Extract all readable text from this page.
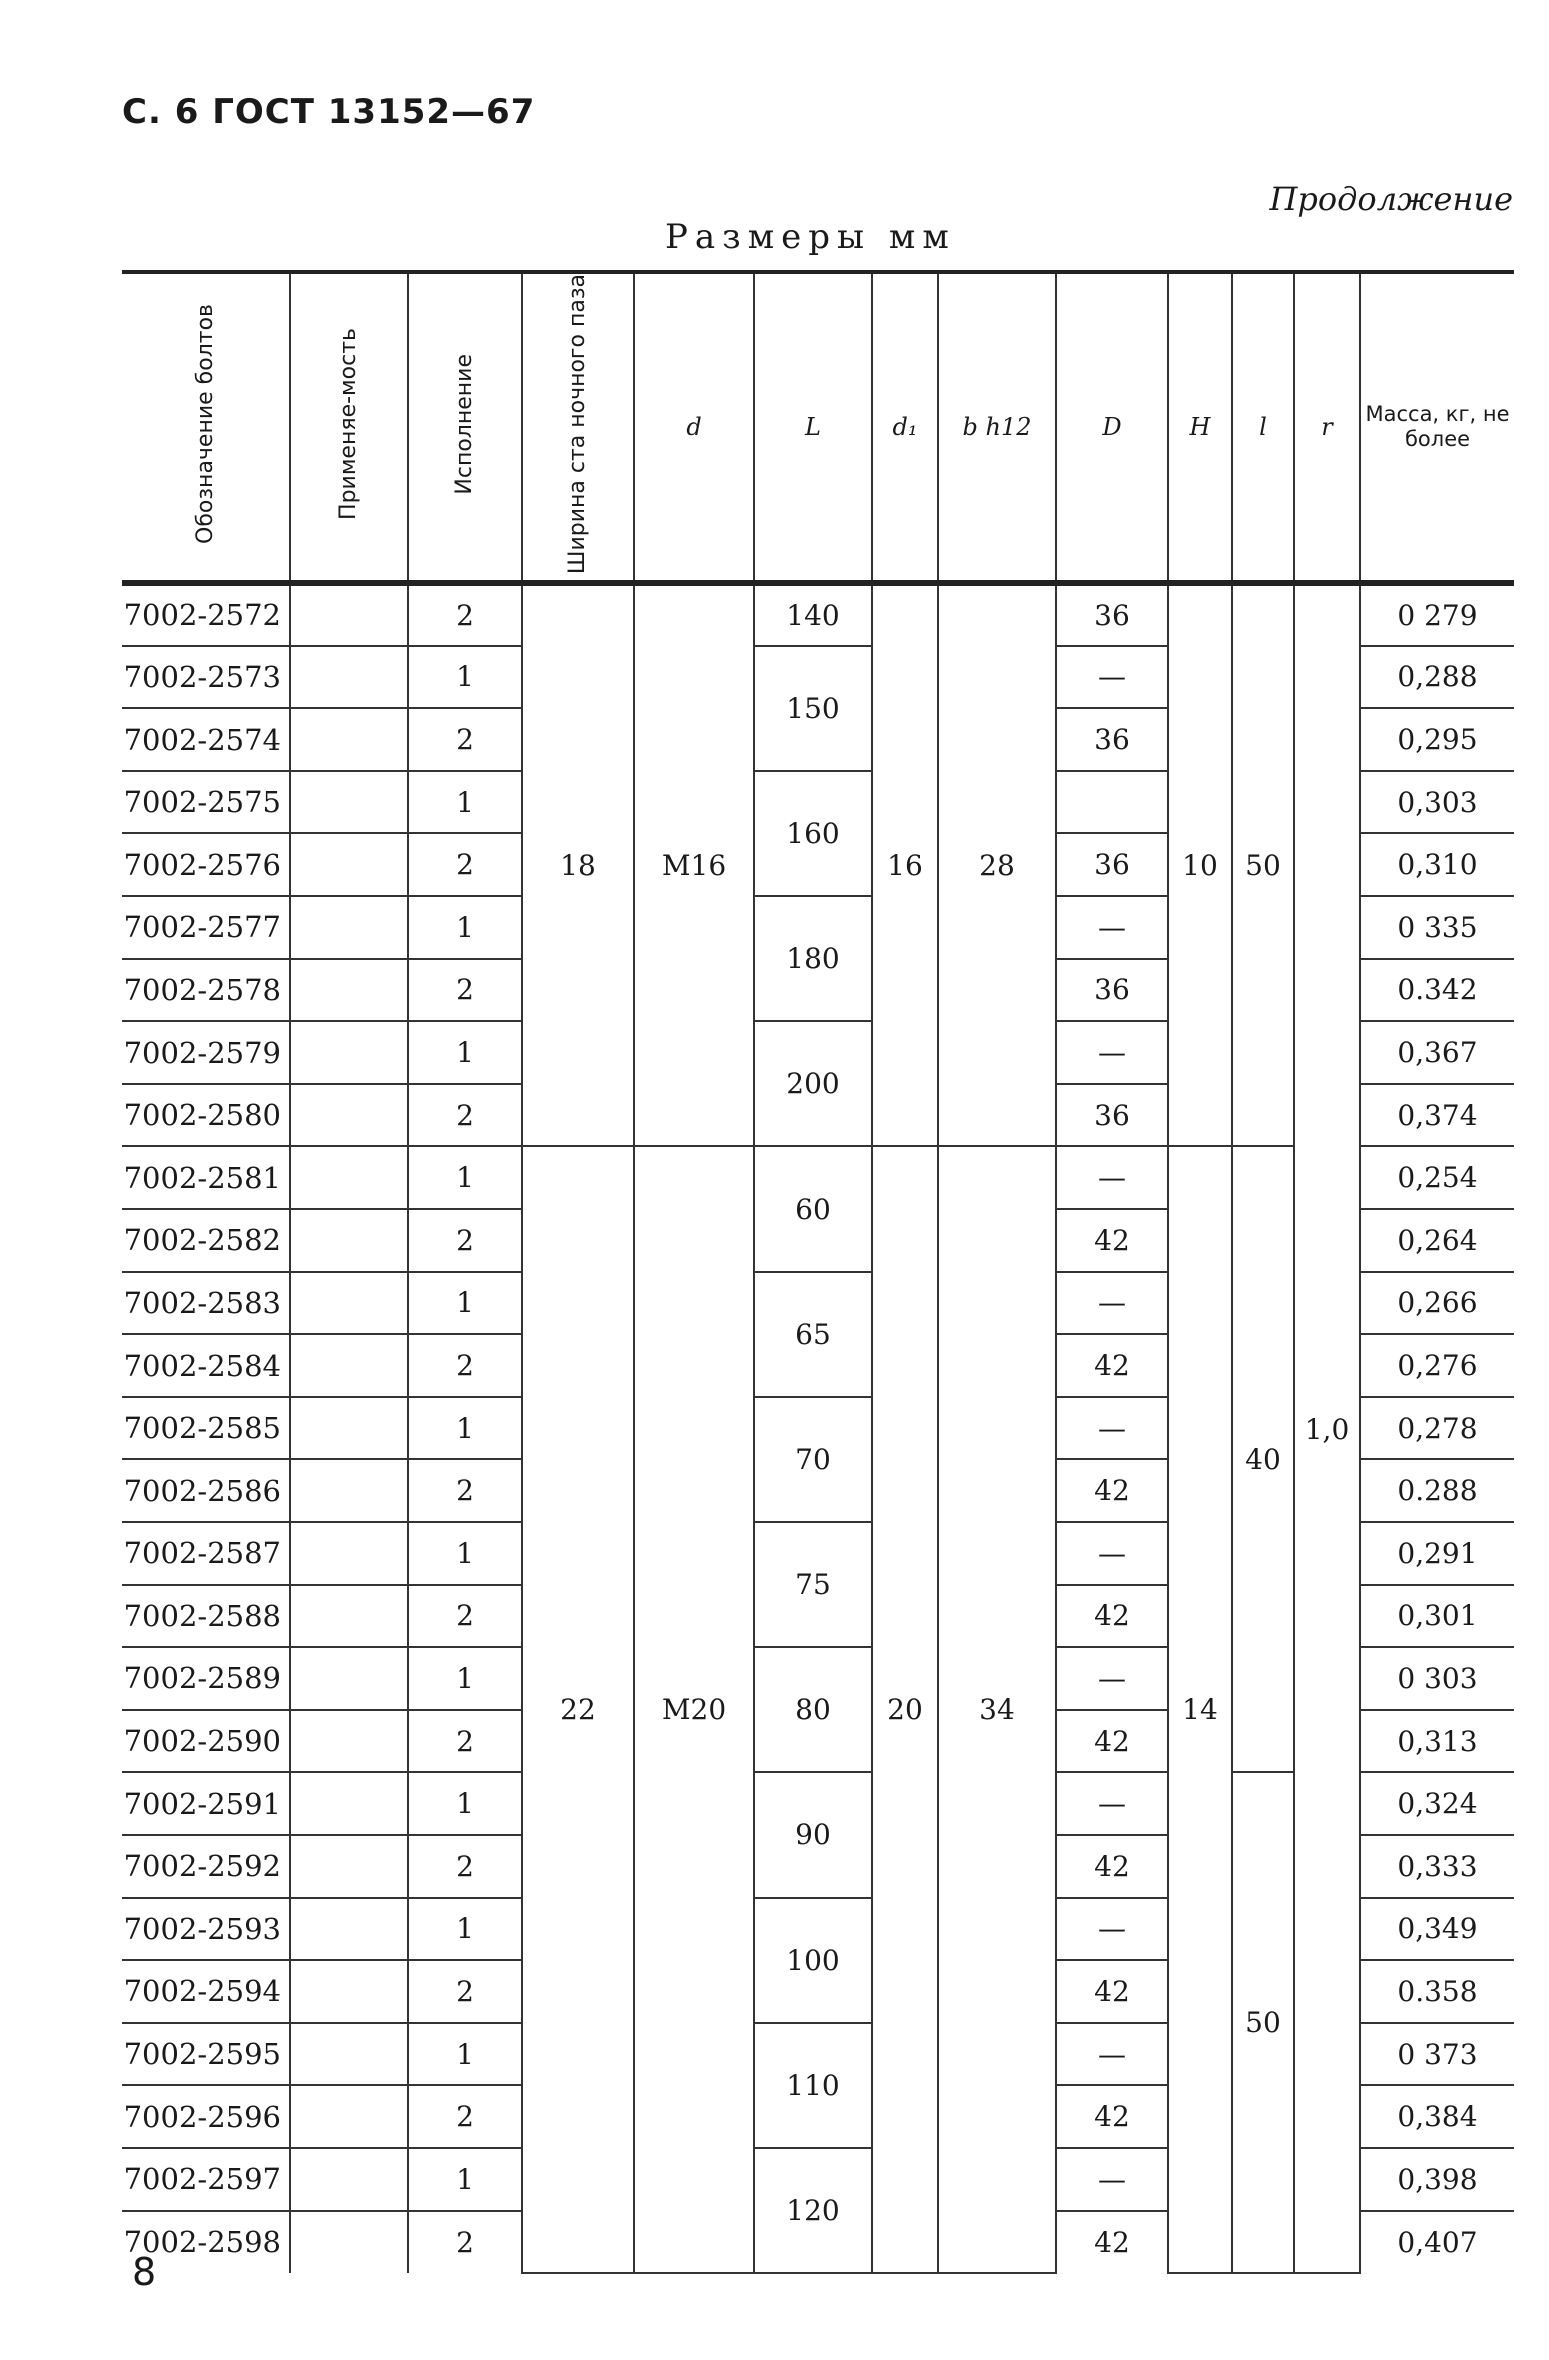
С. 6 ГОСТ 13152—67
Продолжение
Размеры мм
Обозначение болтов	Применяе-мость	Исполнение	Ширина ста ночного паза	d	L	d₁	b h12	D	H	l	r	Масса, кг, не более
7002-2572		2	18	M16	140	16	28	36	10	50	1,0	0 279
7002-2573		1			150			—				0,288
7002-2574		2						36				0,295
7002-2575		1			160							0,303
7002-2576		2						36				0,310
7002-2577		1			180			—				0 335
7002-2578		2						36				0.342
7002-2579		1			200			—				0,367
7002-2580		2						36				0,374
7002-2581		1	22	M20	60	20	34	—	14	40		0,254
7002-2582		2						42				0,264
7002-2583		1			65			—				0,266
7002-2584		2						42				0,276
7002-2585		1			70			—				0,278
7002-2586		2						42				0.288
7002-2587		1			75			—				0,291
7002-2588		2						42				0,301
7002-2589		1			80			—				0 303
7002-2590		2						42				0,313
7002-2591		1			90			—		50		0,324
7002-2592		2						42				0,333
7002-2593		1			100			—				0,349
7002-2594		2						42				0.358
7002-2595		1			110			—				0 373
7002-2596		2						42				0,384
7002-2597		1			120			—				0,398
7002-2598		2						42				0,407
8
